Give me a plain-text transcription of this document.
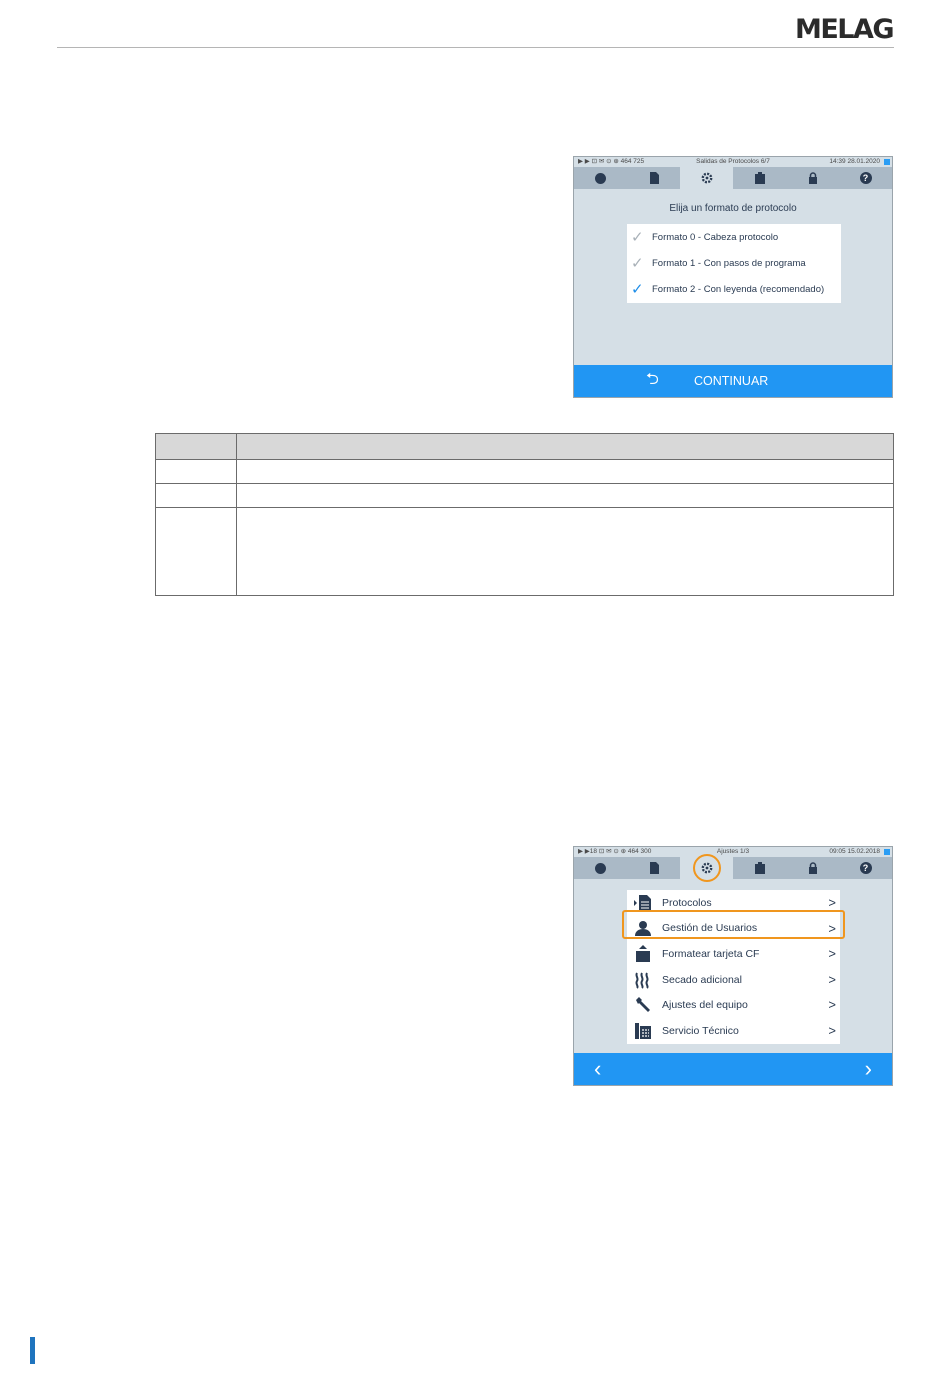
MELAG
▶ ▶ ⊡ ✉ ⊙ ⊕ 464 725	Salidas de Protocolos 6/7	14:39 28.01.2020
?
Elija un formato de protocolo
✓ Formato 0 - Cabeza protocolo
✓ Formato 1 - Con pasos de programa
✓ Formato 2 - Con leyenda (recomendado)
⮌	CONTINUAR

▶ ▶18 ⊡ ✉ ⊙ ⊕ 464 300	Ajustes 1/3	09:05 15.02.2018
?
Protocolos	>
Gestión de Usuarios	>
Formatear tarjeta CF	>
Secado adicional	>
Ajustes del equipo	>
Servicio Técnico	>
‹	›
